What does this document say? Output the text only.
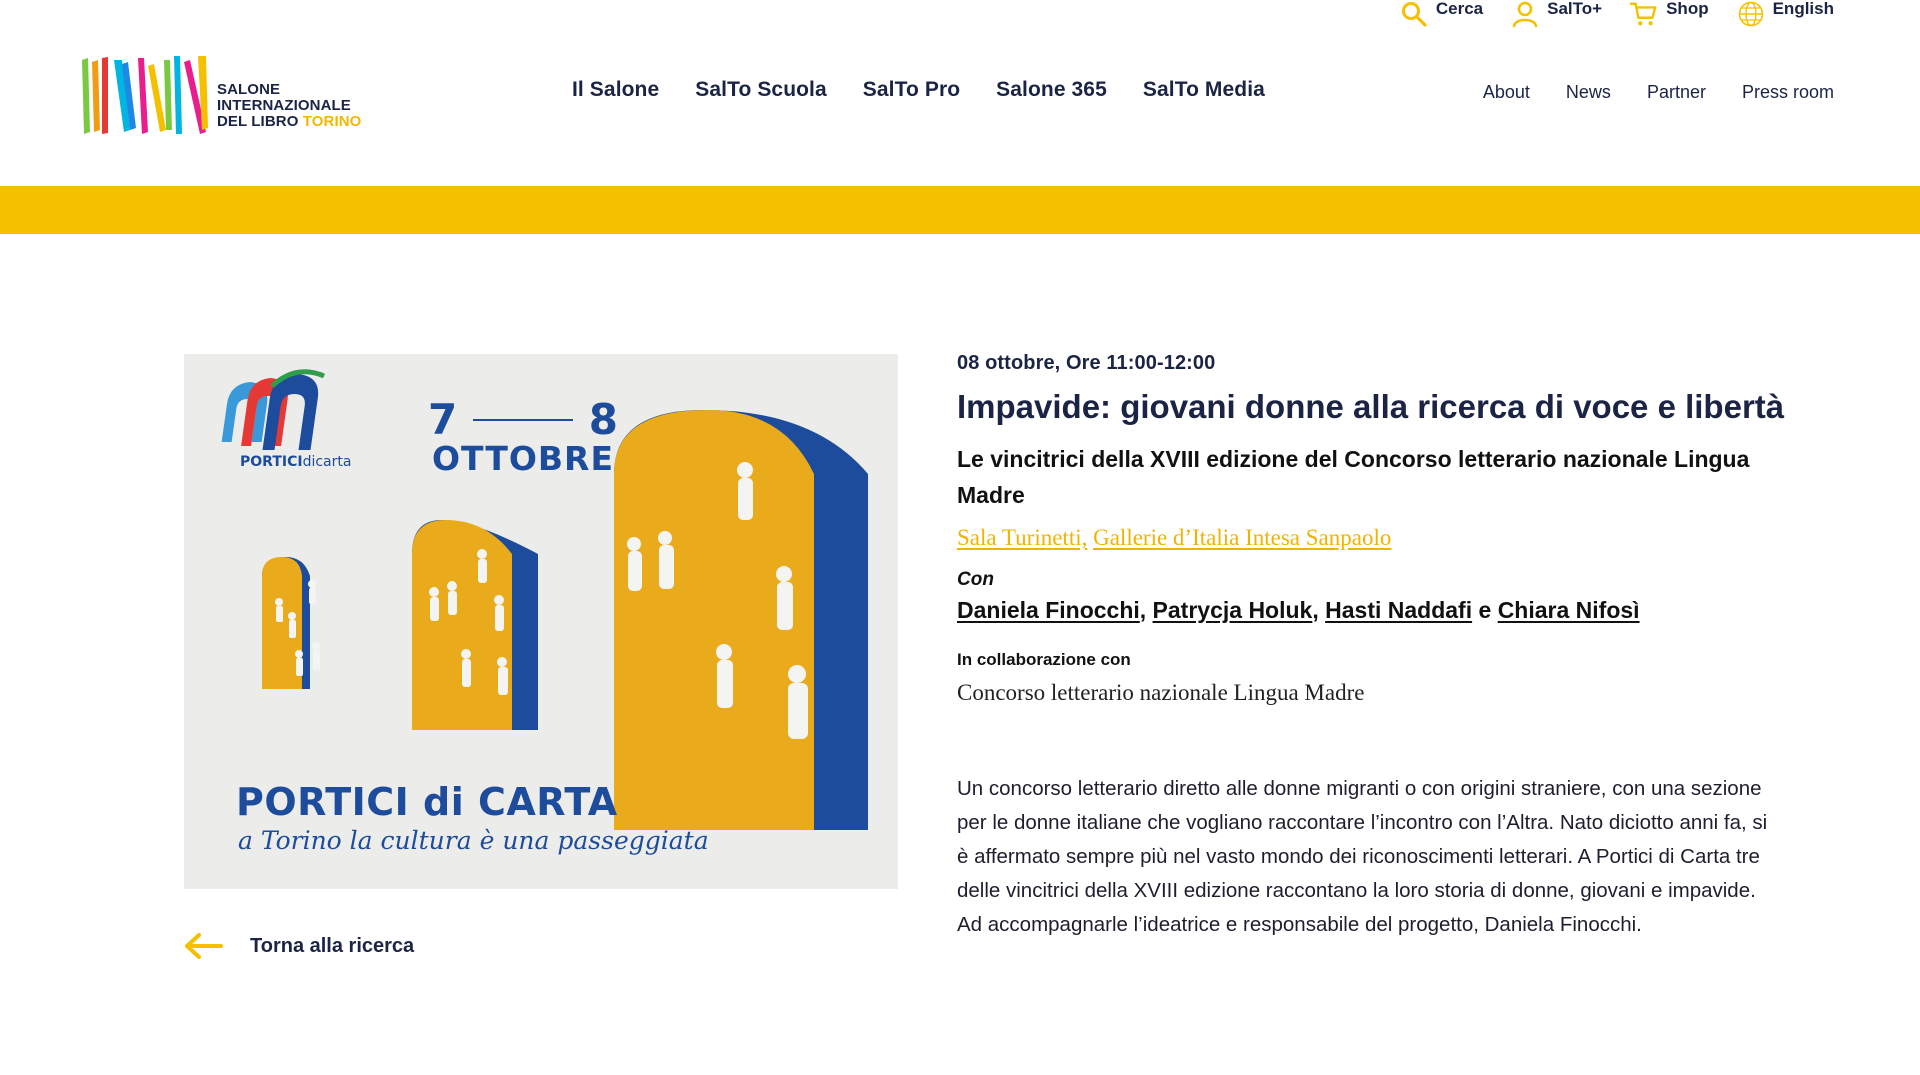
SALONE
INTERNAZIONALE
DEL LIBRO TORINO
Cerca	SalTo+	Shop	English
Il Salone SalTo Scuola SalTo Pro Salone 365 SalTo Media	About News Partner Press room
PORTICIdicarta
7	8
OTTOBRE
PORTICI di CARTA
a Torino la cultura è una passeggiata
Torna alla ricerca
08 ottobre, Ore 11:00-12:00
Impavide: giovani donne alla ricerca di voce e libertà
Le vincitrici della XVIII edizione del Concorso letterario nazionale Lingua Madre
Sala Turinetti, Gallerie d’Italia Intesa Sanpaolo
Con
Daniela Finocchi, Patrycja Holuk, Hasti Naddafi e Chiara Nifosì
In collaborazione con
Concorso letterario nazionale Lingua Madre

Un concorso letterario diretto alle donne migranti o con origini straniere, con una sezione per le donne italiane che vogliano raccontare l’incontro con l’Altra. Nato diciotto anni fa, si è affermato sempre più nel vasto mondo dei riconoscimenti letterari. A Portici di Carta tre delle vincitrici della XVIII edizione raccontano la loro storia di donne, giovani e impavide. Ad accompagnarle l’ideatrice e responsabile del progetto, Daniela Finocchi.
